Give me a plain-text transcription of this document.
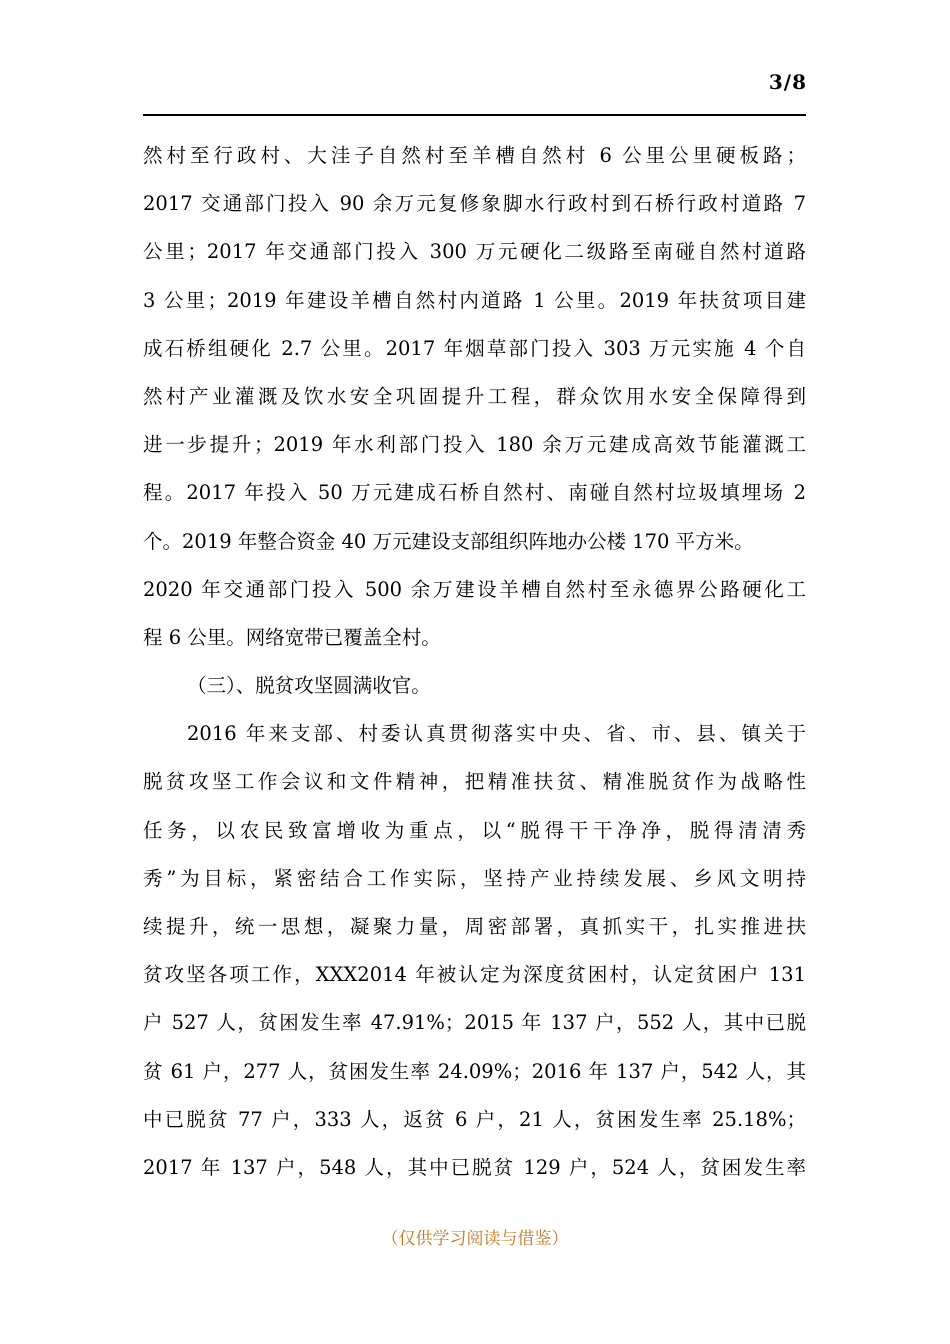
3/8
然村至行政村、大洼子自然村至羊槽自然村 6 公里公里硬板路；
2017 交通部门投入 90 余万元复修象脚水行政村到石桥行政村道路 7
公里；2017 年交通部门投入 300 万元硬化二级路至南碰自然村道路
3 公里；2019 年建设羊槽自然村内道路 1 公里。2019 年扶贫项目建
成石桥组硬化 2.7 公里。2017 年烟草部门投入 303 万元实施 4 个自
然村产业灌溉及饮水安全巩固提升工程，群众饮用水安全保障得到
进一步提升；2019 年水利部门投入 180 余万元建成高效节能灌溉工
程。2017 年投入 50 万元建成石桥自然村、南碰自然村垃圾填埋场 2
个。2019 年整合资金 40 万元建设支部组织阵地办公楼 170 平方米。
2020 年交通部门投入 500 余万建设羊槽自然村至永德界公路硬化工
程 6 公里。网络宽带已覆盖全村。
（三）、脱贫攻坚圆满收官。
2016 年来支部、村委认真贯彻落实中央、省、市、县、镇关于
脱贫攻坚工作会议和文件精神，把精准扶贫、精准脱贫作为战略性
任务，以农民致富增收为重点，以“脱得干干净净，脱得清清秀
秀”为目标，紧密结合工作实际，坚持产业持续发展、乡风文明持
续提升，统一思想，凝聚力量，周密部署，真抓实干，扎实推进扶
贫攻坚各项工作，XXX2014 年被认定为深度贫困村，认定贫困户 131
户 527 人，贫困发生率 47.91%；2015 年 137 户，552 人，其中已脱
贫 61 户，277 人，贫困发生率 24.09%；2016 年 137 户，542 人，其
中已脱贫 77 户，333 人，返贫 6 户，21 人，贫困发生率 25.18%；
2017 年 137 户，548 人，其中已脱贫 129 户，524 人，贫困发生率
（仅供学习阅读与借鉴）
